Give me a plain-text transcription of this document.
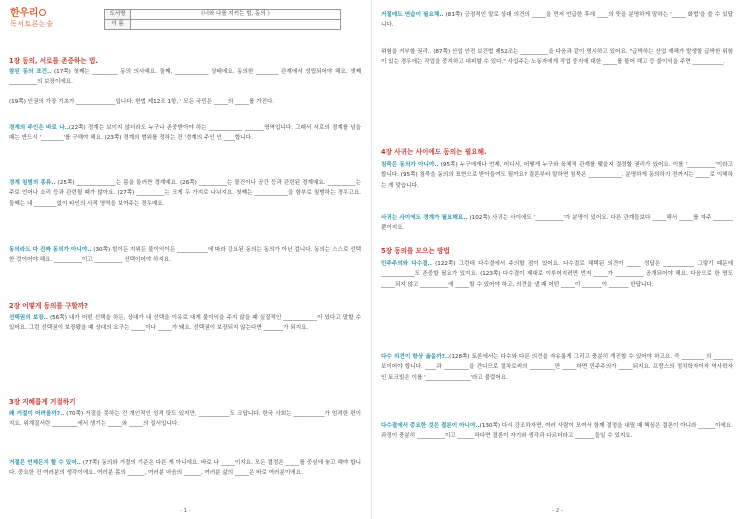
한우리
독서토론논술
도서명	《너와 나를 지키는 힘, 동의 》
이 름	
1장 동의, 서로를 존중하는 법.
참된 동의 조건.. (17쪽) 첫째는 _________ 동의 의사예요. 둘째, ____________ 상태에요. 동의한 ________ 관계에서 성립되어야 해요. 셋째 __________의 보장이에요.
(19쪽) 인권의 가장 기초가 ______________입니다. 헌법 제12조 1항, ' 모든 국민은 _____의 _____를 가진다.
경계의 주인은 바로 나..(22쪽) 경계는 보이지 않더라도 누구나 존중받아야 하는 ____________ _______영역입니다. 그래서 서로의 경계를 넘을 때는 반드시 '________'를 구해야 해요. (23쪽) 경계의 범위를 정하는 건 '경계의 주인 인 ____합니다.
경계 침범의 종류.. (25쪽) ______________는 몸을 둘러싼 경계예요. (26쪽) __________는 물건이나 공간 등과 관련된 경계예요. __________는 주로 언어나 소리 등과 관련될 때가 많아요. (27쪽) __________는 크게 두 가지로 나뉘지요. 첫째는 ____________을 함부로 침범하는 경우고요. 둘째는 내 ________없이 타인의 사적 영역을 보여주는 경우예요.
동의라도 다 진짜 동의가 아니야.. (30쪽) 힘이든 지위든 불이익이든 ___________에 따라 강요된 동의는 동의가 아닌 겁니다. 동의는 스스로 선택한 것이어야 해요. __________이고 __________ 선택이어야 하지요.
2장 어떻게 동의를 구할까?
선택권의 보장.. (56쪽) 내가 어떤 선택을 하든, 상대가 내 선택을 이유로 내게 불이익을 주지 않을 때 실질적인 ____________이 있다고 말할 수 있어요. 그런 선택권이 보장됐을 때 상대의 요구는 _____이나 _____가 돼요. 선택권이 보장되지 않는다면 _______가 되지요.
3장 지혜롭게 거절하기
왜 거절이 어려울까?.. (70쪽) 거절을 못하는 건 개인적인 성격 탓도 있지만, ___________도 크답니다. 한국 사회는 ___________가 엄격한 편이지요. 위계질서란 _________에서 생기는 _____와 _____의 질서입니다.
거절은 언제든지 할 수 있어.. (77쪽) 동의와 거절의 기준은 다른 게 아니에요. 바로 나 _____이지요. 모든 결정은 _____를 중심에 놓고 해야 합니다. 중요한 건 여러분의 생각이에요. 여러분 몸의 ______, 여러분 마음의 ______, 여러분 삶의 _____은 바로 여러분이에요.
- 1 -
거절에도 연습이 필요해.. (81쪽) 긍정적인 말로 상대 의견의 _____을 먼저 언급한 후에 ____의 뜻을 분명하게 말하는 '_____ 화법'을 쓸 수 있답니다.
위험을 거부할 권리.. (87쪽) 산업 안전 보건법 제52조는 __________을 다음과 같이 명시하고 있어요. "급박하는 산업 재해가 발생할 급박한 위험이 있는 경우에는 작업을 중지하고 대피할 수 있다." 사업주는 노동자에게 작업 중지에 대한 _____를 물어 해고 등 불이익을 주면 ___________.
4장 사귀는 사이에도 동의는 필요해.
침묵은 동의가 아니야.. (95쪽) 누구에게나 언제, 어디서, 어떻게 누구와 육체적 관계를 맺을지 결정할 권리가 있어요. 이를 '__________'이라고 합니다. (95쪽) 침묵을 동의의 표현으로 받아들여도 될까요? 결론부터 말하면 침묵은 ____________. 분명하게 동의하기 전까지는 _____로 이해하는 게 맞습니다.
사귀는 사이에도 경계가 필요해요.. (102쪽) 사귀는 사이에도 '__________'가 분명이 있어요. 다른 관계들보다 _____해서 _____를 자주 _______ 뿐이지요.
5장 동의를 모으는 방법
민주주의와 다수결.. (122쪽) 그런데 다수결에서 주의할 점이 있어요. 다수결로 채택된 의견이 _____ 정답은 ___________ 그렇기 때문에 ____________도 존중할 필요가 있지요. (123쪽) 다수결이 제대로 이루어지려면 먼저 _____가 __________ 공개되어야 해요. 다음으로 한 명도 _____되지 않고 __________에 _____할 수 있어야 하고, 의견을 낼 때 어떤 _____이 _______이 _______ 한답니다.
다수 의견이 항상 옳을까?..(128쪽) 토론에서는 다수와 다른 의견을 자유롭게 그리고 충분히 개진할 수 있어야 하고요. 즉 ________ 의 _______보이어야 합니다. ____과 _________을 견디므로 절차로써의 _________만 _____하면 민주주의가 _____되지요. 프랑스의 정치학자이자 역사학자인 토크빌은 이를 '________________'라고 불렀어요.
다수결에서 중요한 것은 결론이 아니야..(130쪽) 다시 강조하자면, 여러 사람이 모여서 함께 결정을 내릴 때 핵심은 결론이 아니라 ______이에요. 과정이 충분히 __________이고 ______하다면 결론이 자기와 생각과 다르더라고 _______들일 수 있지요.
- 2 -
